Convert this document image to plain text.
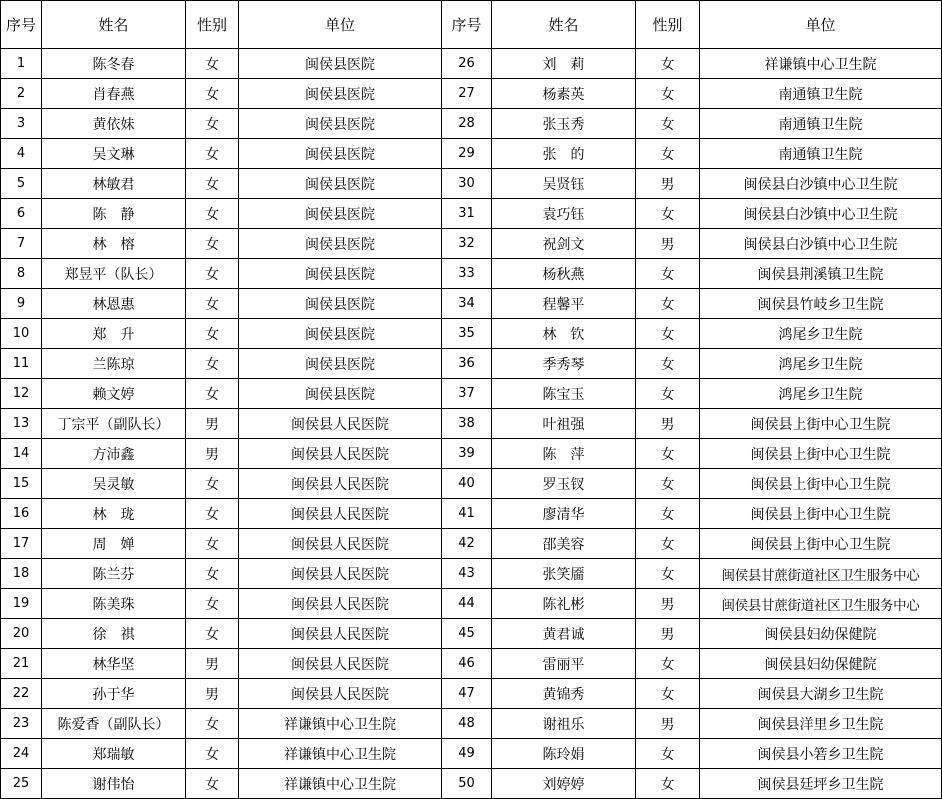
序号	姓名	性别	单位	序号	姓名	性别	单位
1	陈冬春	女	闽侯县医院	26	刘　莉	女	祥谦镇中心卫生院
2	肖春燕	女	闽侯县医院	27	杨素英	女	南通镇卫生院
3	黄依妹	女	闽侯县医院	28	张玉秀	女	南通镇卫生院
4	吴文琳	女	闽侯县医院	29	张　的	女	南通镇卫生院
5	林敏君	女	闽侯县医院	30	吴贤钰	男	闽侯县白沙镇中心卫生院
6	陈　静	女	闽侯县医院	31	袁巧钰	女	闽侯县白沙镇中心卫生院
7	林　榕	女	闽侯县医院	32	祝剑文	男	闽侯县白沙镇中心卫生院
8	郑昱平（队长）	女	闽侯县医院	33	杨秋燕	女	闽侯县荆溪镇卫生院
9	林恩惠	女	闽侯县医院	34	程馨平	女	闽侯县竹岐乡卫生院
10	郑　升	女	闽侯县医院	35	林　钦	女	鸿尾乡卫生院
11	兰陈琼	女	闽侯县医院	36	季秀琴	女	鸿尾乡卫生院
12	赖文婷	女	闽侯县医院	37	陈宝玉	女	鸿尾乡卫生院
13	丁宗平（副队长）	男	闽侯县人民医院	38	叶祖强	男	闽侯县上街中心卫生院
14	方沛鑫	男	闽侯县人民医院	39	陈　萍	女	闽侯县上街中心卫生院
15	吴灵敏	女	闽侯县人民医院	40	罗玉钗	女	闽侯县上街中心卫生院
16	林　珑	女	闽侯县人民医院	41	廖清华	女	闽侯县上街中心卫生院
17	周　婵	女	闽侯县人民医院	42	邵美容	女	闽侯县上街中心卫生院
18	陈兰芬	女	闽侯县人民医院	43	张笑靥	女	闽侯县甘蔗街道社区卫生服务中心
19	陈美珠	女	闽侯县人民医院	44	陈礼彬	男	闽侯县甘蔗街道社区卫生服务中心
20	徐　祺	女	闽侯县人民医院	45	黄君诚	男	闽侯县妇幼保健院
21	林华坚	男	闽侯县人民医院	46	雷丽平	女	闽侯县妇幼保健院
22	孙于华	男	闽侯县人民医院	47	黄锦秀	女	闽侯县大湖乡卫生院
23	陈爱香（副队长）	女	祥谦镇中心卫生院	48	谢祖乐	男	闽侯县洋里乡卫生院
24	郑瑞敏	女	祥谦镇中心卫生院	49	陈玲娟	女	闽侯县小箬乡卫生院
25	谢伟怡	女	祥谦镇中心卫生院	50	刘婷婷	女	闽侯县廷坪乡卫生院
